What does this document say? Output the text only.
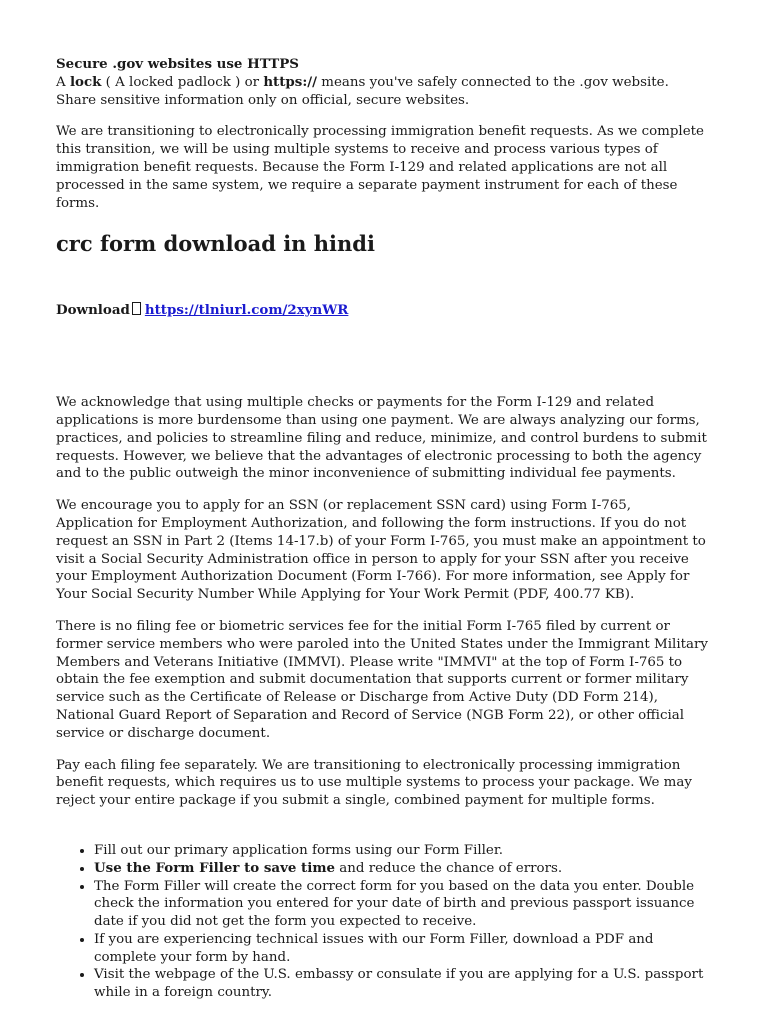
Secure .gov websites use HTTPS

A lock ( A locked padlock ) or https:// means you've safely connected to the .gov website. Share sensitive information only on official, secure websites.

We are transitioning to electronically processing immigration benefit requests. As we complete this transition, we will be using multiple systems to receive and process various types of immigration benefit requests. Because the Form I-129 and related applications are not all processed in the same system, we require a separate payment instrument for each of these forms.

crc form download in hindi

Download https://tlniurl.com/2xynWR

We acknowledge that using multiple checks or payments for the Form I-129 and related applications is more burdensome than using one payment. We are always analyzing our forms, practices, and policies to streamline filing and reduce, minimize, and control burdens to submit requests. However, we believe that the advantages of electronic processing to both the agency and to the public outweigh the minor inconvenience of submitting individual fee payments.

We encourage you to apply for an SSN (or replacement SSN card) using Form I-765, Application for Employment Authorization, and following the form instructions. If you do not request an SSN in Part 2 (Items 14-17.b) of your Form I-765, you must make an appointment to visit a Social Security Administration office in person to apply for your SSN after you receive your Employment Authorization Document (Form I-766). For more information, see Apply for Your Social Security Number While Applying for Your Work Permit (PDF, 400.77 KB).

There is no filing fee or biometric services fee for the initial Form I-765 filed by current or former service members who were paroled into the United States under the Immigrant Military Members and Veterans Initiative (IMMVI). Please write "IMMVI" at the top of Form I-765 to obtain the fee exemption and submit documentation that supports current or former military service such as the Certificate of Release or Discharge from Active Duty (DD Form 214), National Guard Report of Separation and Record of Service (NGB Form 22), or other official service or discharge document.

Pay each filing fee separately. We are transitioning to electronically processing immigration benefit requests, which requires us to use multiple systems to process your package. We may reject your entire package if you submit a single, combined payment for multiple forms.

• Fill out our primary application forms using our Form Filler.
• Use the Form Filler to save time and reduce the chance of errors.
• The Form Filler will create the correct form for you based on the data you enter. Double check the information you entered for your date of birth and previous passport issuance date if you did not get the form you expected to receive.
• If you are experiencing technical issues with our Form Filler, download a PDF and complete your form by hand.
• Visit the webpage of the U.S. embassy or consulate if you are applying for a U.S. passport while in a foreign country.
